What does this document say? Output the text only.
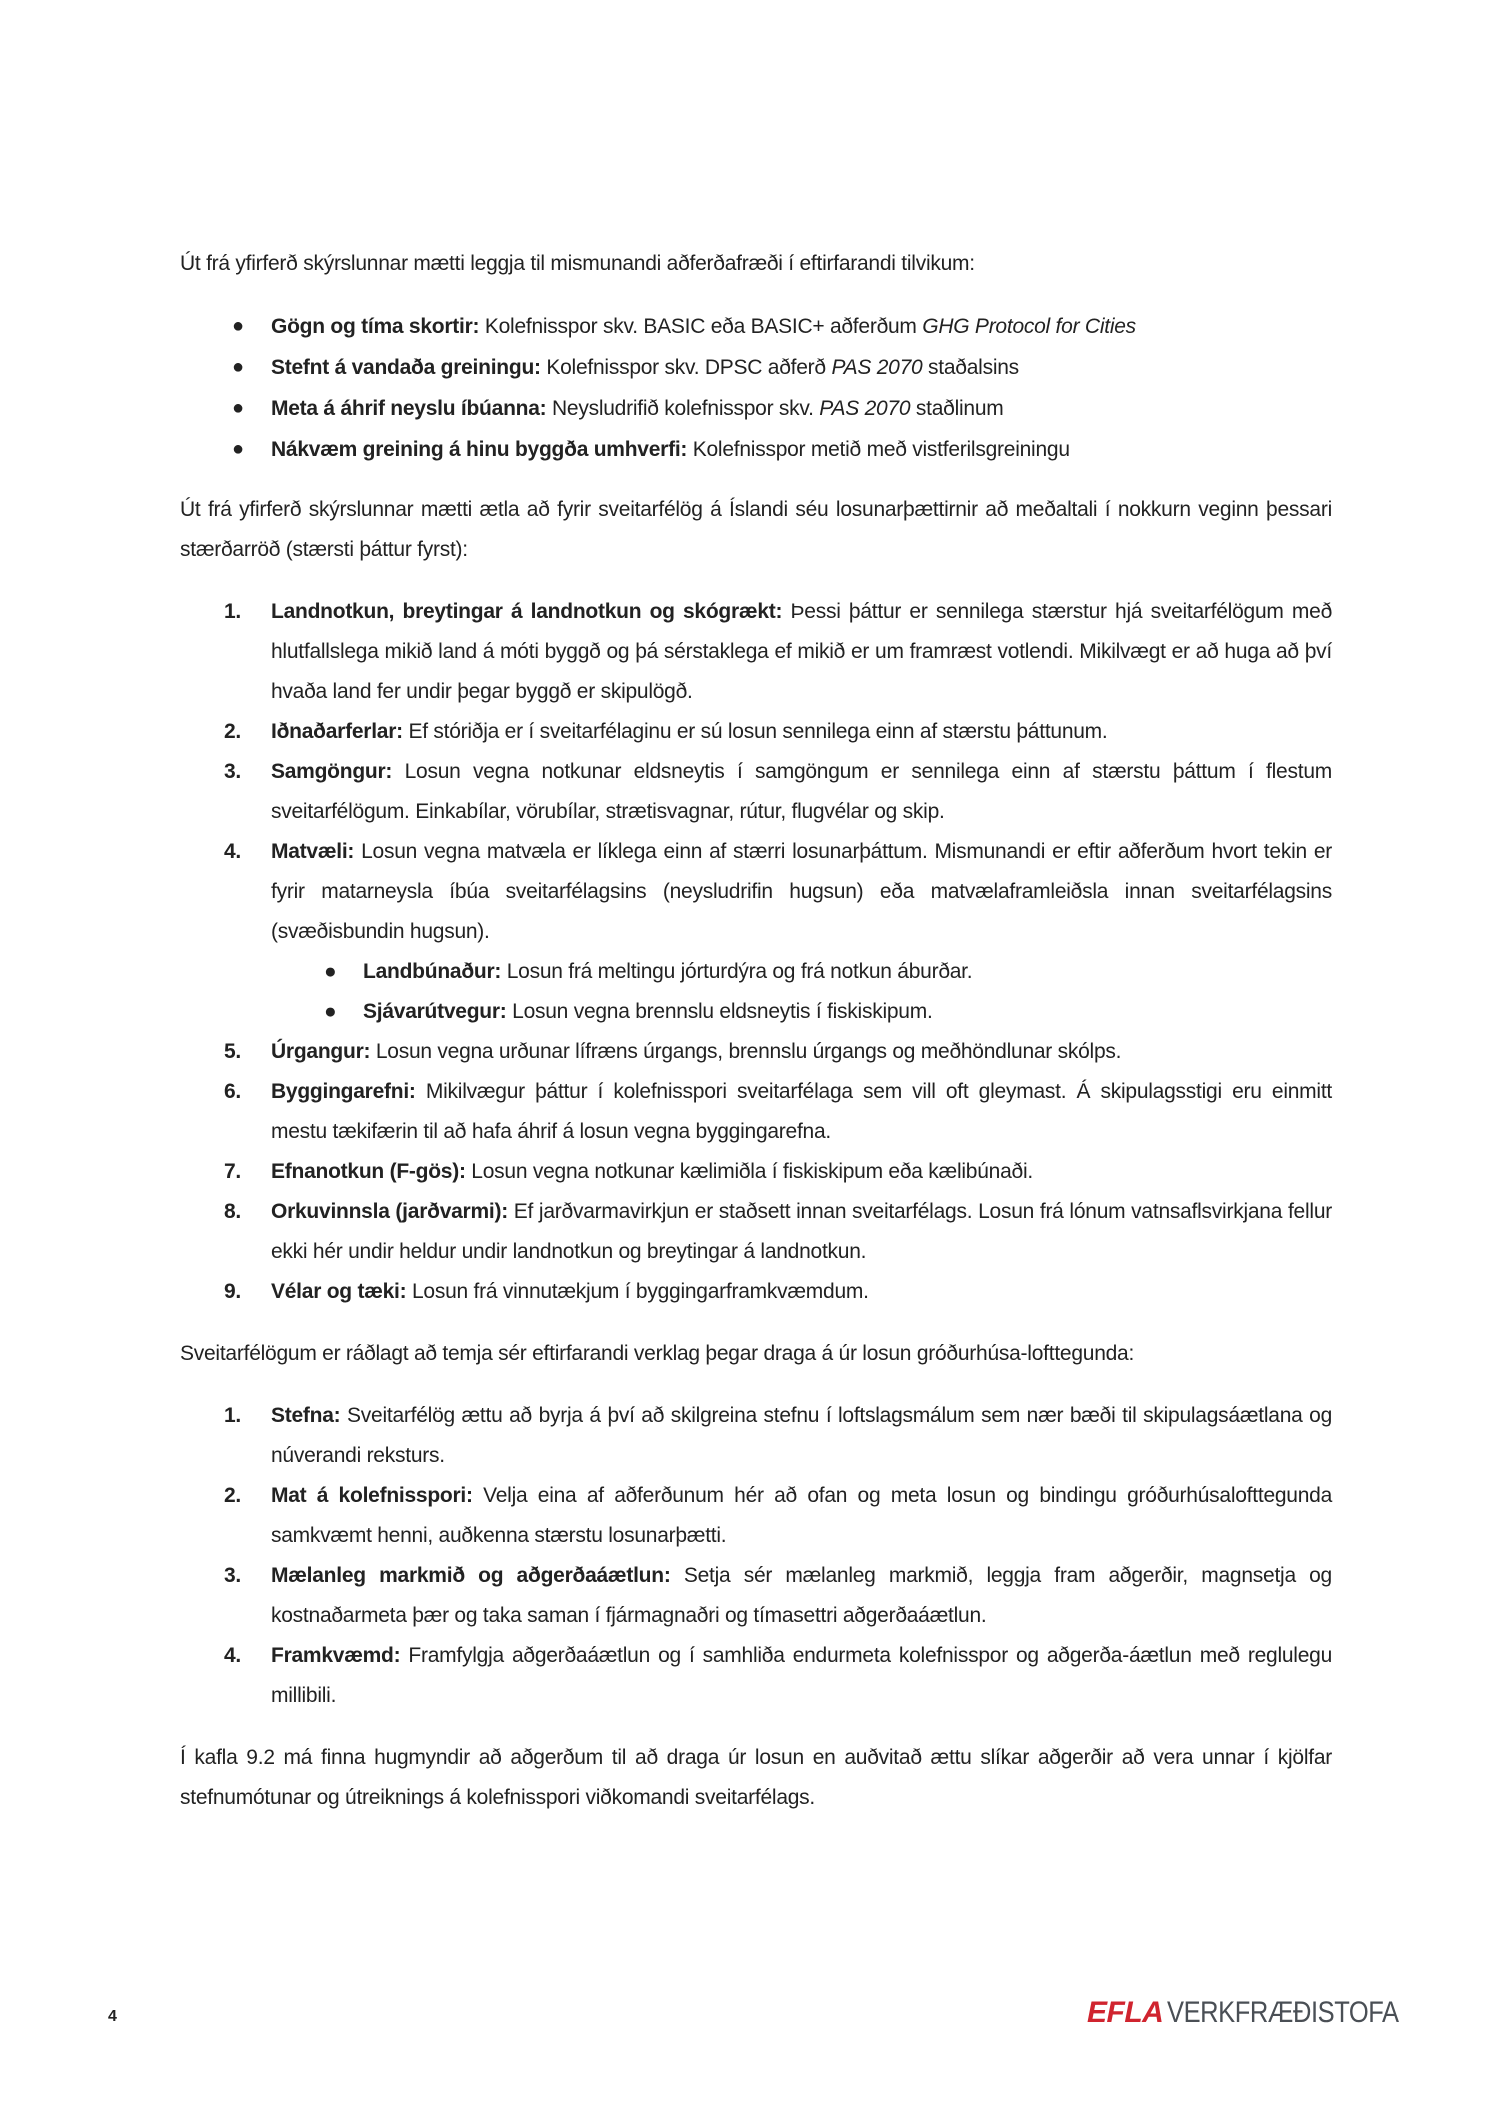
Út frá yfirferð skýrslunnar mætti leggja til mismunandi aðferðafræði í eftirfarandi tilvikum:

● Gögn og tíma skortir: Kolefnisspor skv. BASIC eða BASIC+ aðferðum GHG Protocol for Cities
● Stefnt á vandaða greiningu: Kolefnisspor skv. DPSC aðferð PAS 2070 staðalsins
● Meta á áhrif neyslu íbúanna: Neysludrifið kolefnisspor skv. PAS 2070 staðlinum
● Nákvæm greining á hinu byggða umhverfi: Kolefnisspor metið með vistferilsgreiningu

Út frá yfirferð skýrslunnar mætti ætla að fyrir sveitarfélög á Íslandi séu losunarþættirnir að meðaltali í nokkurn veginn þessari stærðarröð (stærsti þáttur fyrst):

1. Landnotkun, breytingar á landnotkun og skógrækt: Þessi þáttur er sennilega stærstur hjá sveitarfélögum með hlutfallslega mikið land á móti byggð og þá sérstaklega ef mikið er um framræst votlendi. Mikilvægt er að huga að því hvaða land fer undir þegar byggð er skipulögð.
2. Iðnaðarferlar: Ef stóriðja er í sveitarfélaginu er sú losun sennilega einn af stærstu þáttunum.
3. Samgöngur: Losun vegna notkunar eldsneytis í samgöngum er sennilega einn af stærstu þáttum í flestum sveitarfélögum. Einkabílar, vörubílar, strætisvagnar, rútur, flugvélar og skip.
4. Matvæli: Losun vegna matvæla er líklega einn af stærri losunarþáttum. Mismunandi er eftir aðferðum hvort tekin er fyrir matarneysla íbúa sveitarfélagsins (neysludrifin hugsun) eða matvælaframleiðsla innan sveitarfélagsins (svæðisbundin hugsun).
● Landbúnaður: Losun frá meltingu jórturdýra og frá notkun áburðar.
● Sjávarútvegur: Losun vegna brennslu eldsneytis í fiskiskipum.
5. Úrgangur: Losun vegna urðunar lífræns úrgangs, brennslu úrgangs og meðhöndlunar skólps.
6. Byggingarefni: Mikilvægur þáttur í kolefnisspori sveitarfélaga sem vill oft gleymast. Á skipulagsstigi eru einmitt mestu tækifærin til að hafa áhrif á losun vegna byggingarefna.
7. Efnanotkun (F-gös): Losun vegna notkunar kælimiðla í fiskiskipum eða kælibúnaði.
8. Orkuvinnsla (jarðvarmi): Ef jarðvarmavirkjun er staðsett innan sveitarfélags. Losun frá lónum vatnsaflsvirkjana fellur ekki hér undir heldur undir landnotkun og breytingar á landnotkun.
9. Vélar og tæki: Losun frá vinnutækjum í byggingarframkvæmdum.

Sveitarfélögum er ráðlagt að temja sér eftirfarandi verklag þegar draga á úr losun gróðurhúsa-lofttegunda:

1. Stefna: Sveitarfélög ættu að byrja á því að skilgreina stefnu í loftslagsmálum sem nær bæði til skipulagsáætlana og núverandi reksturs.
2. Mat á kolefnisspori: Velja eina af aðferðunum hér að ofan og meta losun og bindingu gróðurhúsalofttegunda samkvæmt henni, auðkenna stærstu losunarþætti.
3. Mælanleg markmið og aðgerðaáætlun: Setja sér mælanleg markmið, leggja fram aðgerðir, magnsetja og kostnaðarmeta þær og taka saman í fjármagnaðri og tímasettri aðgerðaáætlun.
4. Framkvæmd: Framfylgja aðgerðaáætlun og í samhliða endurmeta kolefnisspor og aðgerða-áætlun með reglulegu millibili.

Í kafla 9.2 má finna hugmyndir að aðgerðum til að draga úr losun en auðvitað ættu slíkar aðgerðir að vera unnar í kjölfar stefnumótunar og útreiknings á kolefnisspori viðkomandi sveitarfélags.

4	EFLA VERKFRÆÐISTOFA
